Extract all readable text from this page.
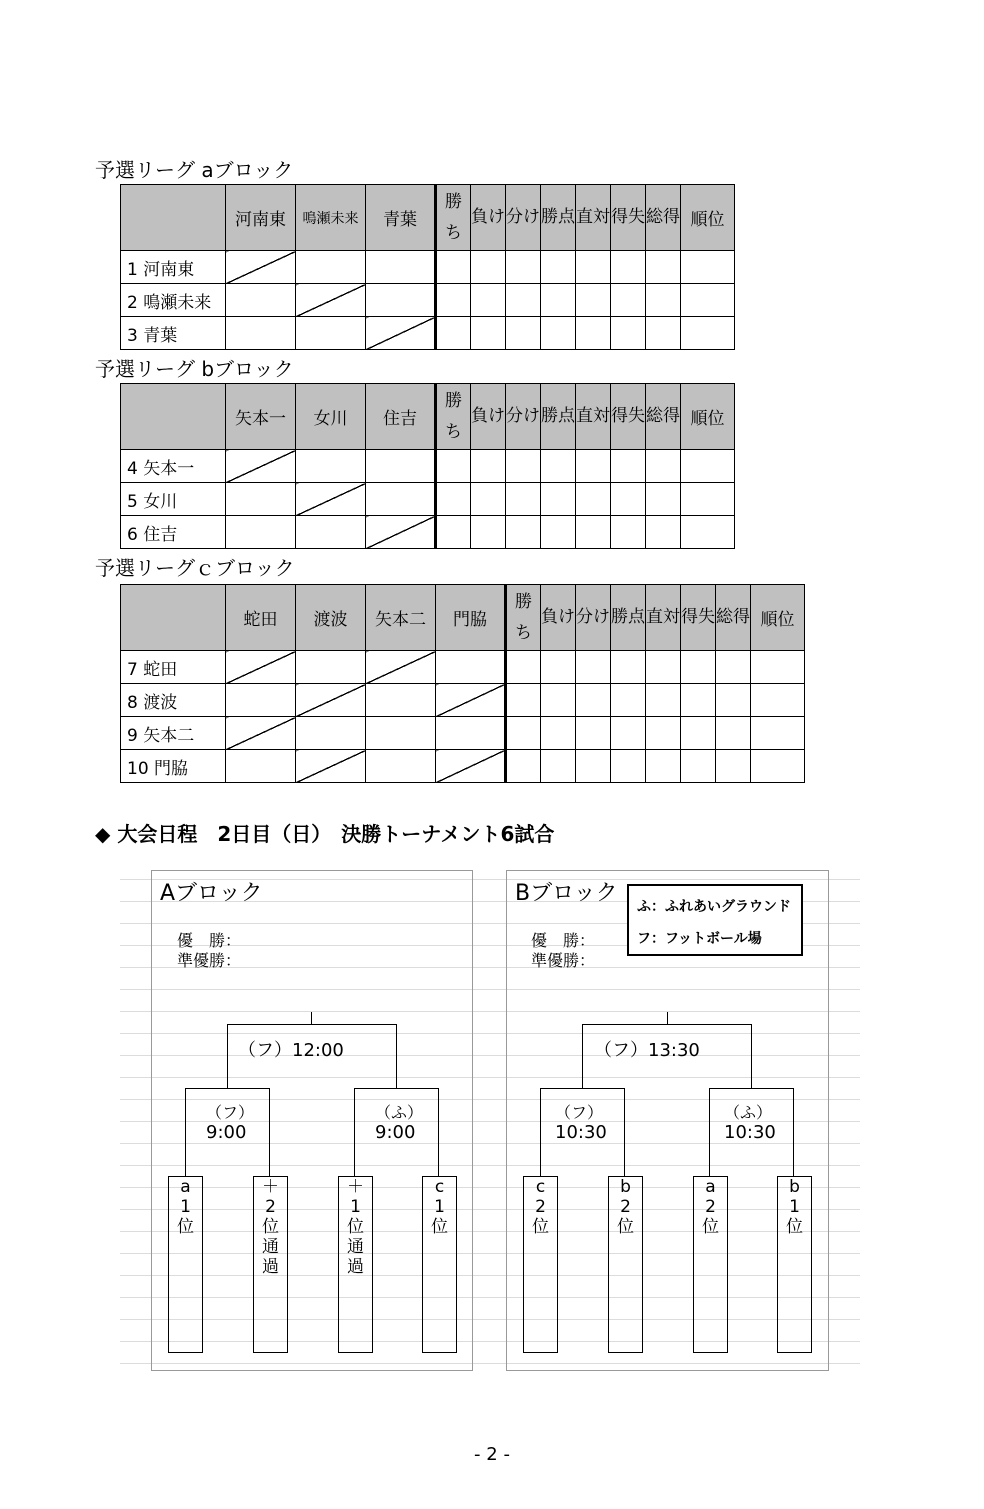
予選リーグ aブロック
	河南東	鳴瀬未来	青葉	勝ち	負け	分け	勝点	直対	得失	総得	順位
1 河南東											
2 鳴瀬未来											
3 青葉											
予選リーグ bブロック
	矢本一	女川	住吉	勝ち	負け	分け	勝点	直対	得失	総得	順位
4 矢本一											
5 女川											
6 住吉											
予選リーグｃブロック
	蛇田	渡波	矢本二	門脇	勝ち	負け	分け	勝点	直対	得失	総得	順位
7 蛇田												
8 渡波												
9 矢本二												
10 門脇												
◆ 大会日程　2日目（日）　決勝トーナメント6試合
Aブロック
優　勝：
準優勝：
（フ）12:00
（フ）
9:00
（ふ）
9:00
a
1
位
＋
2
位
通
過
＋
1
位
通
過
c
1
位
Bブロック
優　勝：
準優勝：
ふ：ふれあいグラウンド
フ：フットボール場
（フ）13:30
（フ）
10:30
（ふ）
10:30
c
2
位
b
2
位
a
2
位
b
1
位
- 2 -
